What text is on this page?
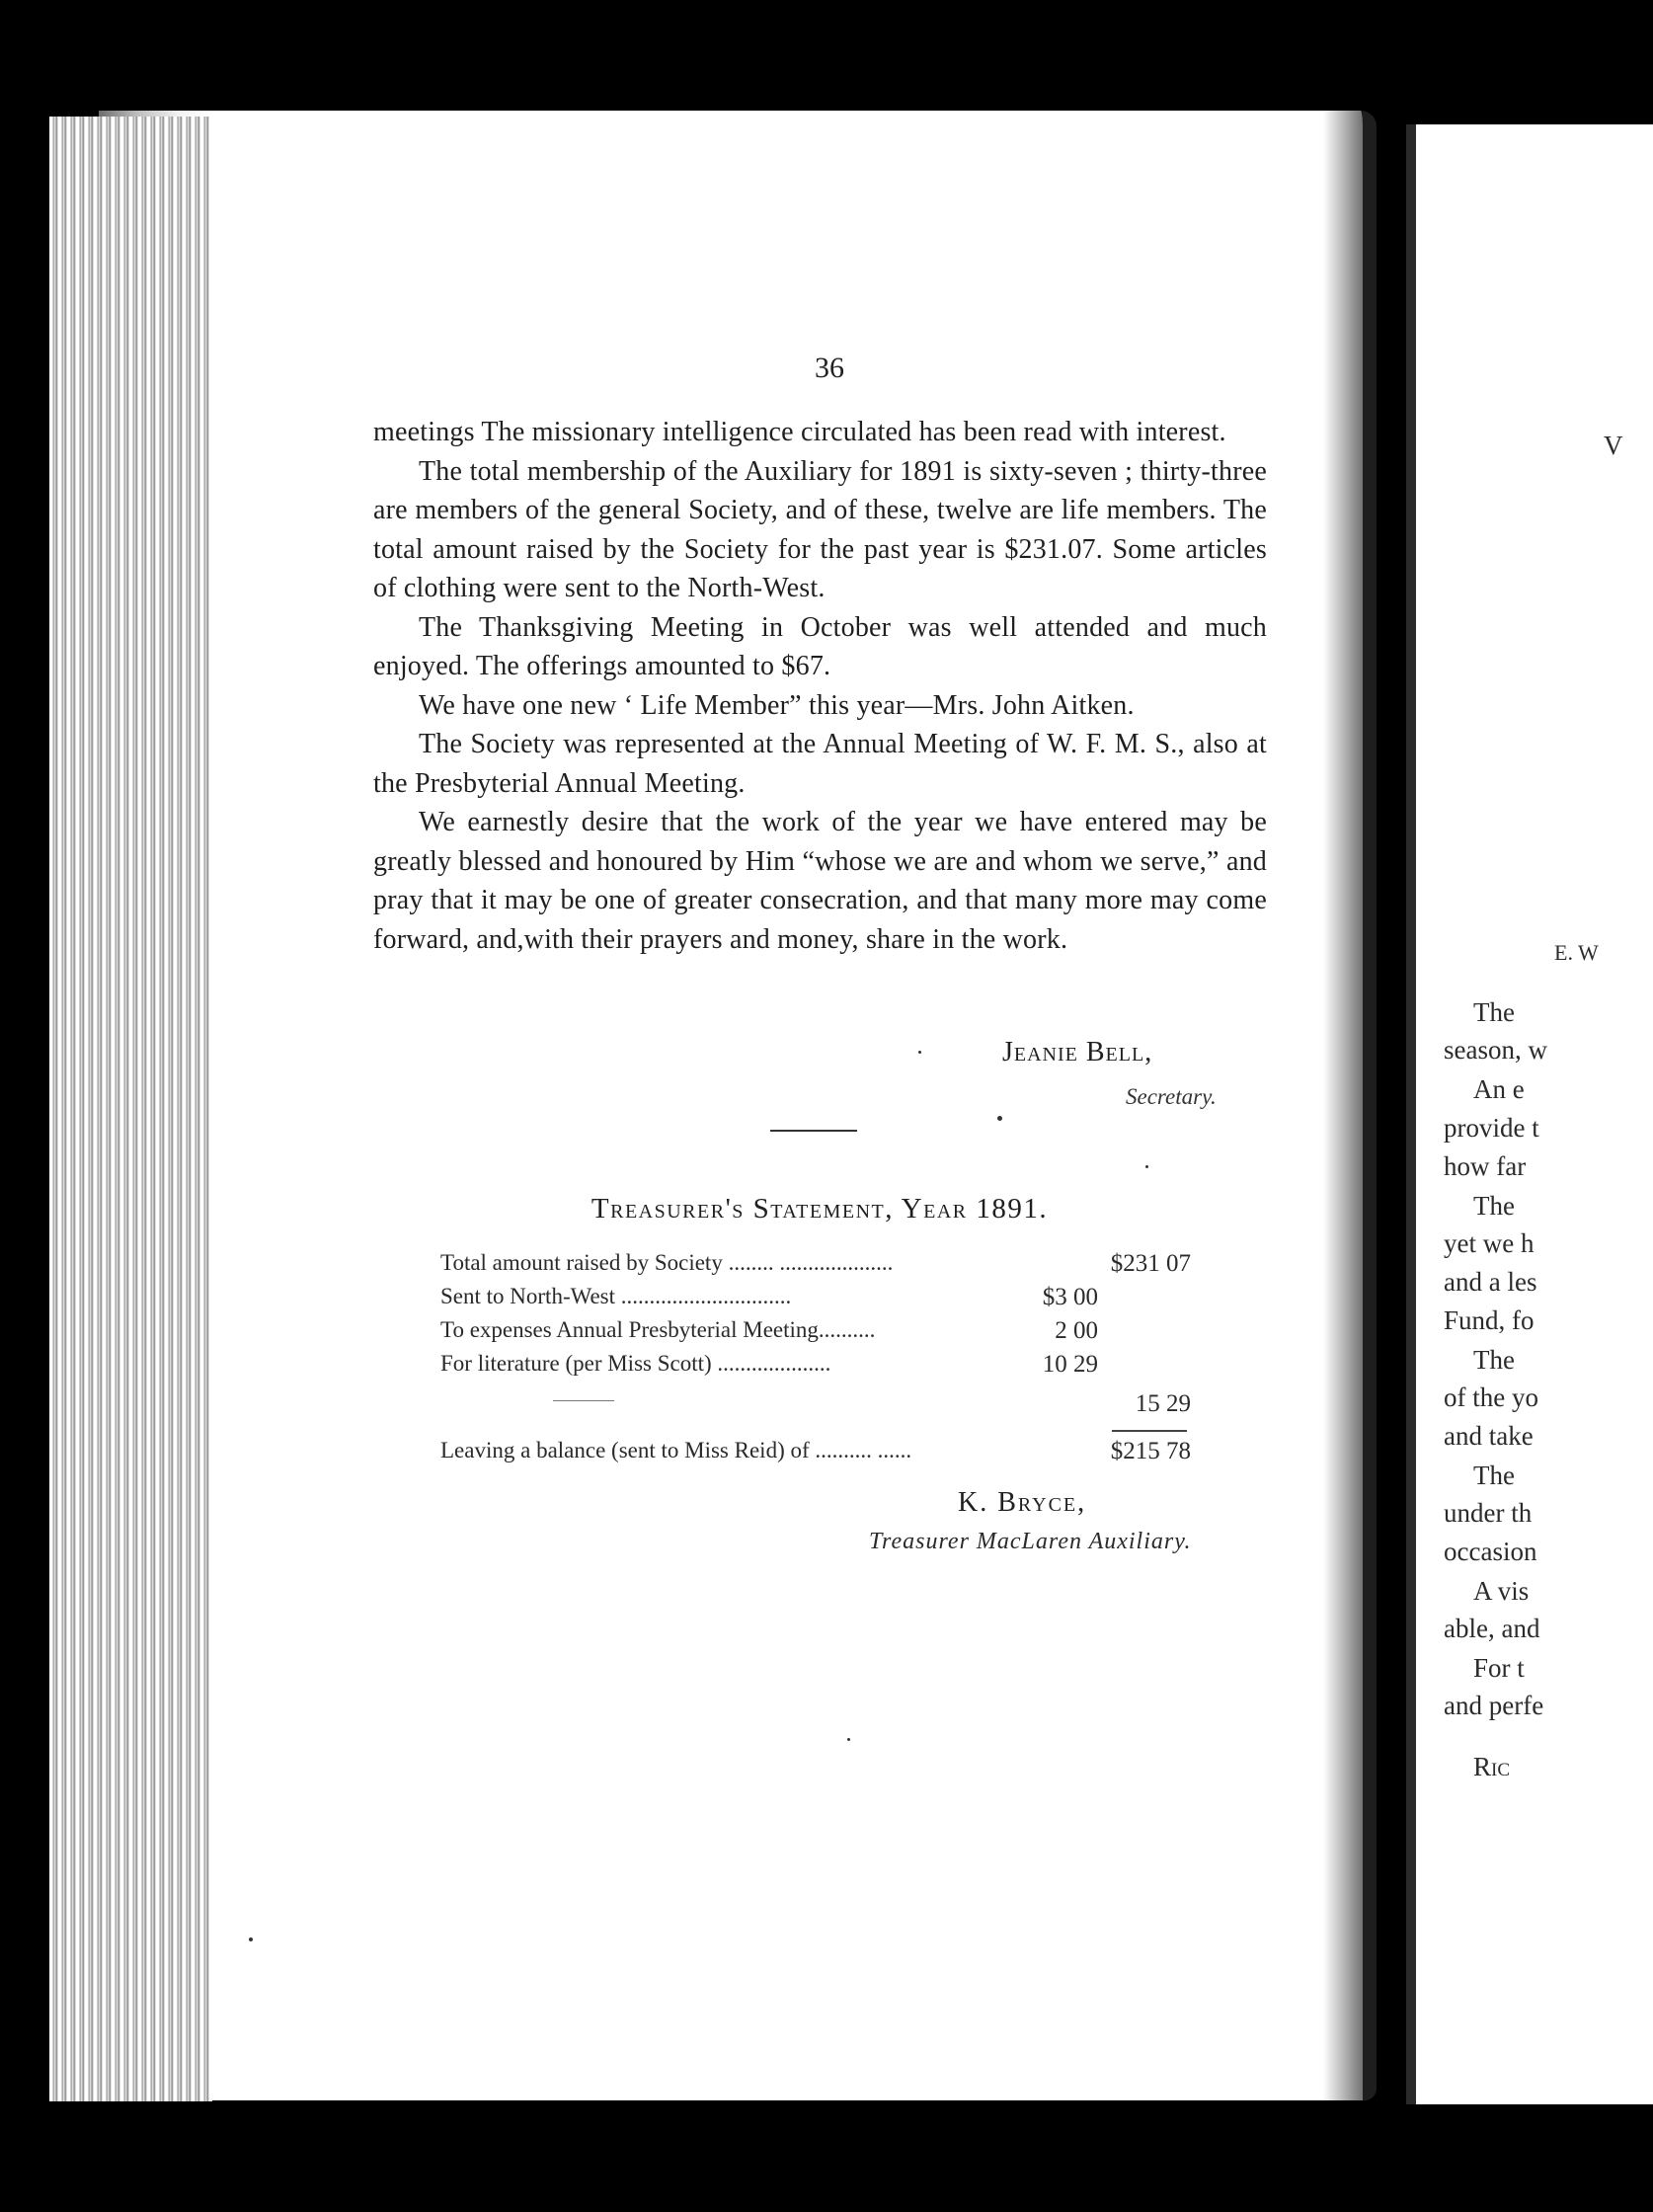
V
E. W
The
season, w
An e
provide t
how far
The
yet we h
and a les
Fund, fo
The
of the yo
and take
The
under th
occasion
A vis
able, and
For t
and perfe
Ric
36

meetings The missionary intelligence circulated has been read with interest.

The total membership of the Auxiliary for 1891 is sixty-seven ; thirty-three are members of the general Society, and of these, twelve are life members. The total amount raised by the Society for the past year is $231.07. Some articles of clothing were sent to the North-West.

The Thanksgiving Meeting in October was well attended and much enjoyed. The offerings amounted to $67.

We have one new ‘ Life Member” this year—Mrs. John Aitken.

The Society was represented at the Annual Meeting of W. F. M. S., also at the Presbyterial Annual Meeting.

We earnestly desire that the work of the year we have entered may be greatly blessed and honoured by Him “whose we are and whom we serve,” and pray that it may be one of greater consecration, and that many more may come forward, and,with their prayers and money, share in the work.

Jeanie Bell,
Secretary.
Treasurer's Statement, Year 1891.
Total amount raised by Society ........ ....................	$231 07
Sent to North-West ..............................	$3 00
To expenses Annual Presbyterial Meeting..........	2 00
For literature (per Miss Scott) ....................	10 29
15 29
Leaving a balance (sent to Miss Reid) of .......... ......	$215 78
K. Bryce,
Treasurer MacLaren Auxiliary.
